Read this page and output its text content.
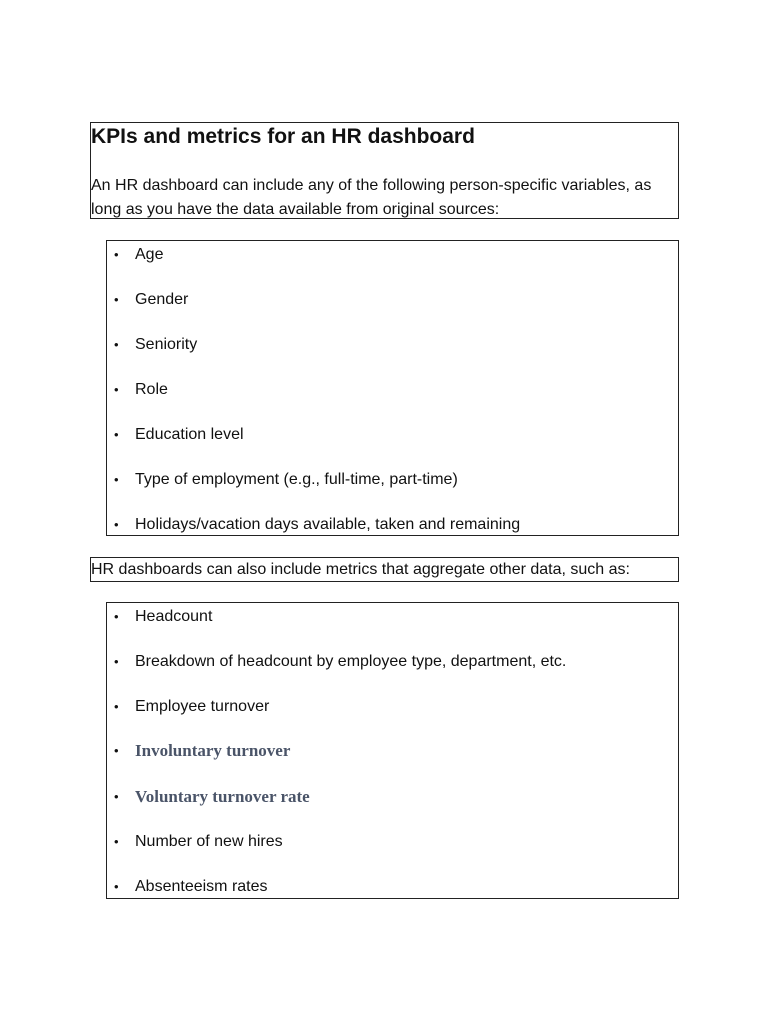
KPIs and metrics for an HR dashboard

An HR dashboard can include any of the following person-specific variables, as long as you have the data available from original sources:

• Age
• Gender
• Seniority
• Role
• Education level
• Type of employment (e.g., full-time, part-time)
• Holidays/vacation days available, taken and remaining

HR dashboards can also include metrics that aggregate other data, such as:

• Headcount
• Breakdown of headcount by employee type, department, etc.
• Employee turnover
• Involuntary turnover
• Voluntary turnover rate
• Number of new hires
• Absenteeism rates
